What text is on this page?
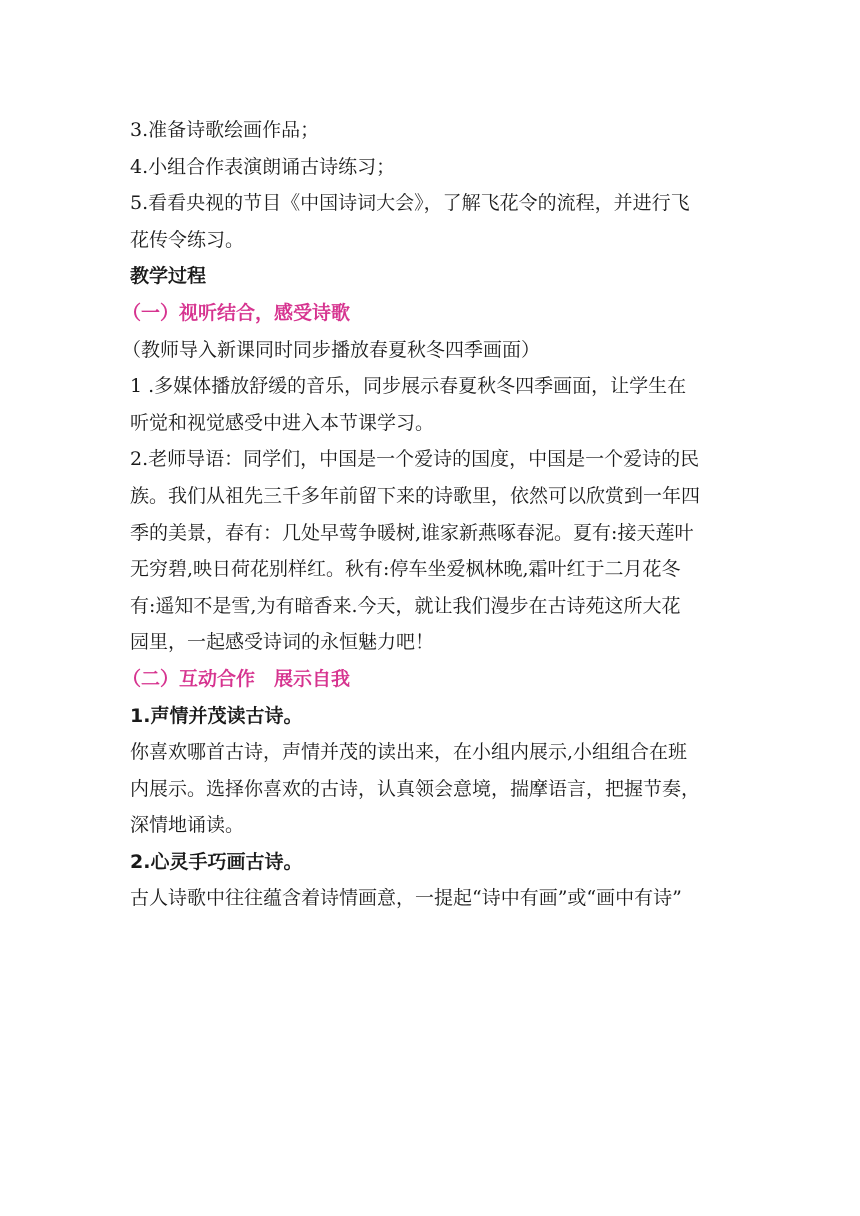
3.准备诗歌绘画作品；
4.小组合作表演朗诵古诗练习；
5.看看央视的节目《中国诗词大会》，了解飞花令的流程，并进行飞
花传令练习。
教学过程
（一）视听结合，感受诗歌
（教师导入新课同时同步播放春夏秋冬四季画面）
1 .多媒体播放舒缓的音乐，同步展示春夏秋冬四季画面，让学生在
听觉和视觉感受中进入本节课学习。
2.老师导语：同学们，中国是一个爱诗的国度，中国是一个爱诗的民
族。我们从祖先三千多年前留下来的诗歌里，依然可以欣赏到一年四
季的美景，春有：几处早莺争暖树,谁家新燕啄春泥。夏有:接天莲叶
无穷碧,映日荷花别样红。秋有:停车坐爱枫林晚,霜叶红于二月花冬
有:遥知不是雪,为有暗香来.今天，就让我们漫步在古诗苑这所大花
园里，一起感受诗词的永恒魅力吧！
（二）互动合作　展示自我
1.声情并茂读古诗。
你喜欢哪首古诗，声情并茂的读出来，在小组内展示,小组组合在班
内展示。选择你喜欢的古诗，认真领会意境，揣摩语言，把握节奏，
深情地诵读。
2.心灵手巧画古诗。
古人诗歌中往往蕴含着诗情画意，一提起“诗中有画”或“画中有诗”
